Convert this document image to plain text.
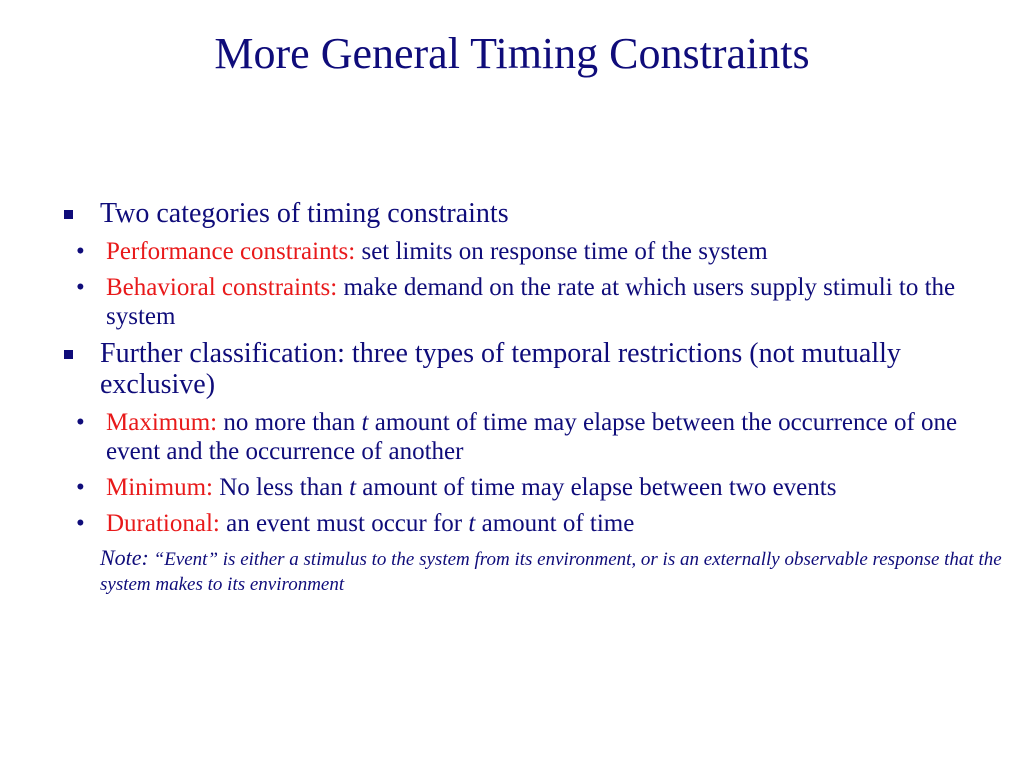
More General Timing Constraints
Two categories of timing constraints
• Performance constraints: set limits on response time of the system
• Behavioral constraints: make demand on the rate at which users supply stimuli to the system
Further classification: three types of temporal restrictions (not mutually exclusive)
• Maximum: no more than t amount of time may elapse between the occurrence of one event and the occurrence of another
• Minimum: No less than t amount of time may elapse between two events
• Durational: an event must occur for t amount of time
Note: “Event” is either a stimulus to the system from its environment, or is an externally observable response that the system makes to its environment
